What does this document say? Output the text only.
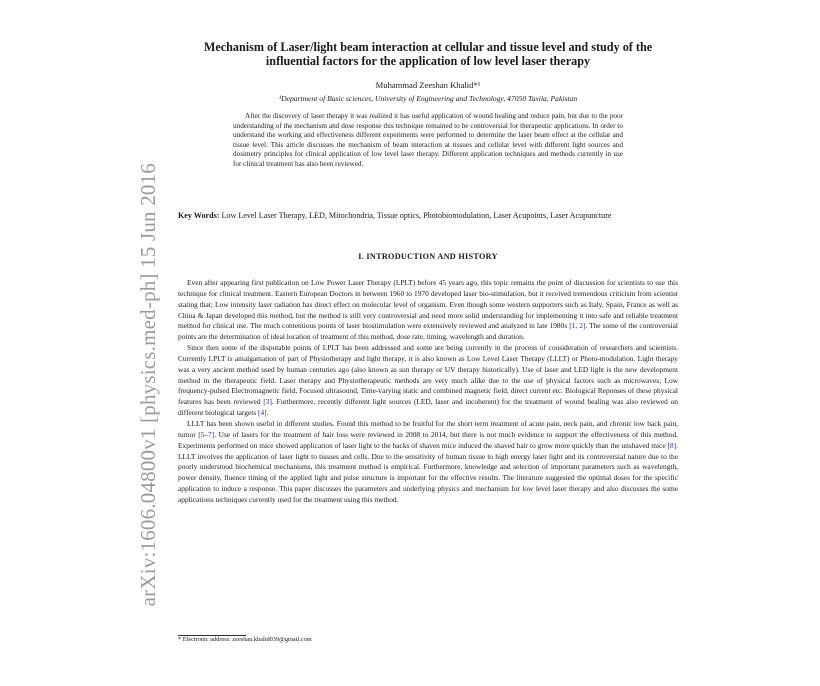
arXiv:1606.04800v1 [physics.med-ph] 15 Jun 2016
Mechanism of Laser/light beam interaction at cellular and tissue level and study of the influential factors for the application of low level laser therapy
Muhammad Zeeshan Khalid*¹
¹Department of Basic sciences, University of Engineering and Technology, 47050 Taxila, Pakistan
After the discovery of laser therapy it was realized it has useful application of wound healing and reduce pain, but due to the poor understanding of the mechanism and dose response this technique remained to be controversial for therapeutic applications. In order to understand the working and effectiveness different experiments were performed to determine the laser beam effect at the cellular and tissue level. This article discusses the mechanism of beam interaction at tissues and cellular level with different light sources and dosimetry principles for clinical application of low level laser therapy. Different application techniques and methods currently in use for clinical treatment has also been reviewed.
Key Words: Low Level Laser Therapy, LED, Mitochondria, Tissue optics, Photobiomodulation, Laser Acupoints, Laser Acupuncture
I. INTRODUCTION AND HISTORY

Even after appearing first publication on Low Power Laser Therapy (LPLT) before 45 years ago, this topic remains the point of discussion for scientists to use this technique for clinical treatment. Eastern European Doctors in between 1960 to 1970 developed laser bio-stimulation, but it received tremendous criticism from scientist stating that; Low intensity laser radiation has direct effect on molecular level of organism. Even though some western supporters such as Italy, Spain, France as well as China & Japan developed this method, but the method is still very controversial and need more solid understanding for implementing it into safe and reliable treatment method for clinical use. The much contentious points of laser biostimulation were extensively reviewed and analyzed in late 1980s [1, 2]. The some of the controversial points are the determination of ideal location of treatment of this method, dose rate, timing, wavelength and duration.

Since then some of the disputable points of LPLT has been addressed and some are being currently in the process of consideration of researchers and scientists. Currently LPLT is amalgamation of part of Physiotherapy and light therapy, it is also known as Low Level Laser Therapy (LLLT) or Photo-modulation. Light therapy was a very ancient method used by human centuries ago (also known as sun therapy or UV therapy historically). Use of laser and LED light is the new development method in the therapeutic field. Laser therapy and Physiotherapeutic methods are very much alike due to the use of physical factors such as microwaves; Low frequency-pulsed Electromagnetic field, Focused ultrasound, Time-varying static and combined magnetic field, direct current etc. Biological Reponses of these physical features has been reviewed [3]. Furthermore, recently different light sources (LED, laser and incoherent) for the treatment of wound healing was also reviewed on different biological targets [4].

LLLT has been shown useful in different studies. Found this method to be fruitful for the short term treatment of acute pain, neck pain, and chronic low back pain, tumor [5–7]. Use of lasers for the treatment of hair loss were reviewed in 2008 to 2014, but there is not much evidence to support the effectiveness of this method. Experiments performed on mice showed application of laser light to the backs of shaven mice induced the shaved hair to grow more quickly than the unshaved mice [8]. LLLT involves the application of laser light to tissues and cells. Due to the sensitivity of human tissue to high energy laser light and its controversial nature due to the poorly understood biochemical mechanisms, this treatment method is empirical. Furthermore, knowledge and selection of important parameters such as wavelength, power density, fluence timing of the applied light and pulse structure is important for the effective results. The literature suggested the optimal doses for the specific application to induce a response. This paper discusses the parameters and underlying physics and mechanism for low level laser therapy and also discusses the some applications techniques currently used for the treatment using this method.

* Electronic address: zeeshan.khalid039@gmail.com
